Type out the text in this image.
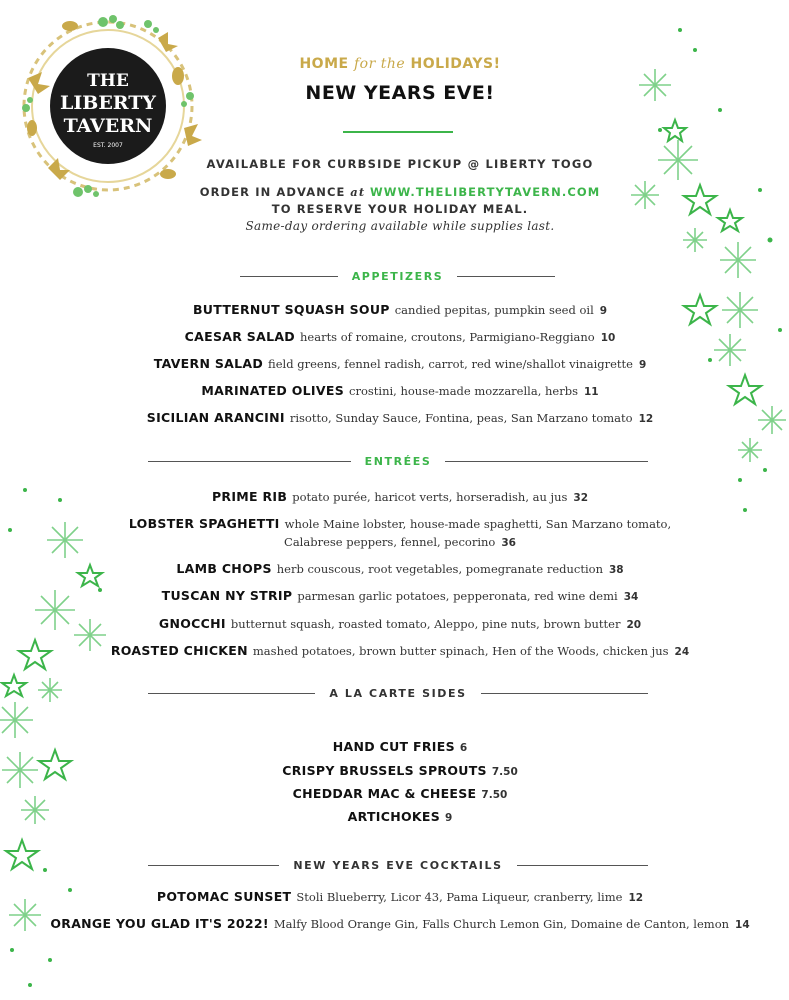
THE
LIBERTY
TAVERN
EST. 2007
HOME for the HOLIDAYS!
NEW YEARS EVE!
AVAILABLE FOR CURBSIDE PICKUP @ LIBERTY TOGO
ORDER IN ADVANCE at WWW.THELIBERTYTAVERN.COM
TO RESERVE YOUR HOLIDAY MEAL.
Same-day ordering available while supplies last.
APPETIZERS
BUTTERNUT SQUASH SOUP candied pepitas, pumpkin seed oil 9
CAESAR SALAD hearts of romaine, croutons, Parmigiano-Reggiano 10
TAVERN SALAD field greens, fennel radish, carrot, red wine/shallot vinaigrette 9
MARINATED OLIVES crostini, house-made mozzarella, herbs 11
SICILIAN ARANCINI risotto, Sunday Sauce, Fontina, peas, San Marzano tomato 12
ENTRÉES
PRIME RIB potato purée, haricot verts, horseradish, au jus 32
LOBSTER SPAGHETTI whole Maine lobster, house-made spaghetti, San Marzano tomato,
Calabrese peppers, fennel, pecorino 36
LAMB CHOPS herb couscous, root vegetables, pomegranate reduction 38
TUSCAN NY STRIP parmesan garlic potatoes, pepperonata, red wine demi 34
GNOCCHI butternut squash, roasted tomato, Aleppo, pine nuts, brown butter 20
ROASTED CHICKEN mashed potatoes, brown butter spinach, Hen of the Woods, chicken jus 24
A LA CARTE SIDES
HAND CUT FRIES 6
CRISPY BRUSSELS SPROUTS 7.50
CHEDDAR MAC & CHEESE 7.50
ARTICHOKES 9
NEW YEARS EVE COCKTAILS
POTOMAC SUNSET Stoli Blueberry, Licor 43, Pama Liqueur, cranberry, lime 12
ORANGE YOU GLAD IT'S 2022! Malfy Blood Orange Gin, Falls Church Lemon Gin, Domaine de Canton, lemon 14
